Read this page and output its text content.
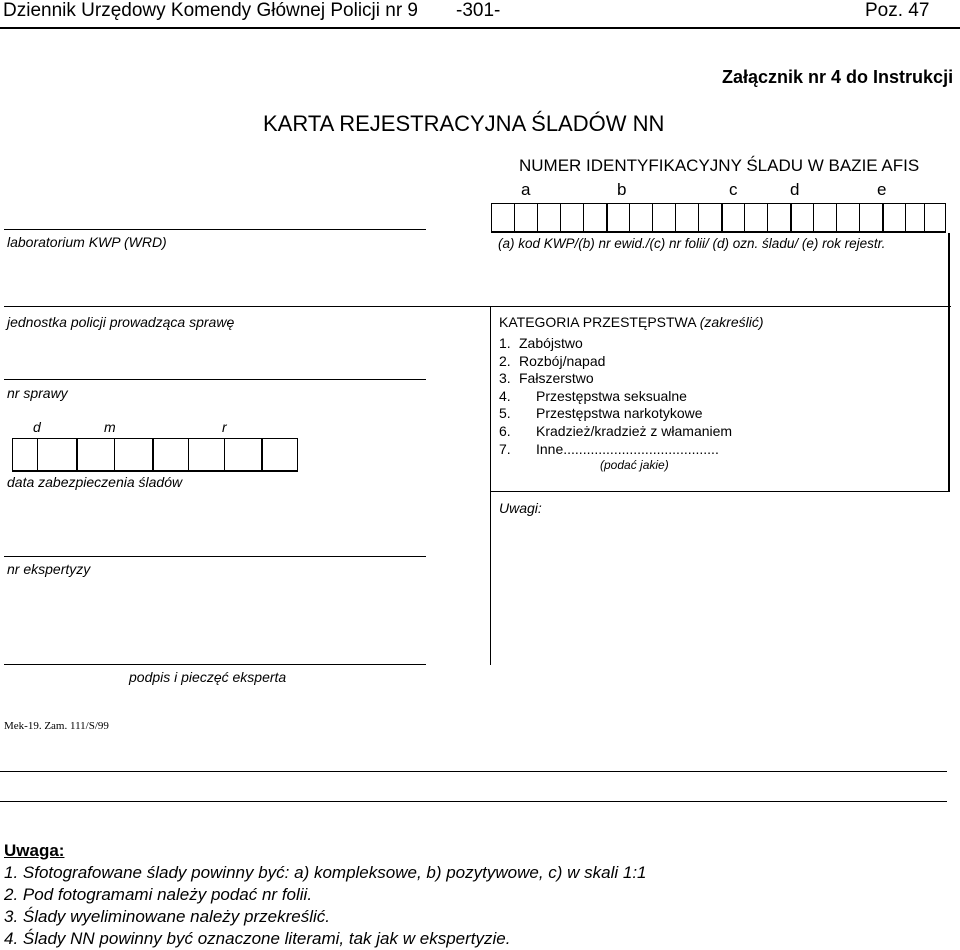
Dziennik Urzędowy Komendy Głównej Policji nr 9 -301-	Poz. 47
Załącznik nr 4 do Instrukcji
KARTA REJESTRACYJNA ŚLADÓW NN
NUMER IDENTYFIKACYJNY ŚLADU W BAZIE AFIS
a	b	c	d	e
(a) kod KWP/(b) nr ewid./(c) nr folii/ (d) ozn. śladu/ (e) rok rejestr.
laboratorium KWP (WRD)
jednostka policji prowadząca sprawę
nr sprawy
d	m	r
data zabezpieczenia śladów
KATEGORIA PRZESTĘPSTWA (zakreślić)
1. Zabójstwo
2. Rozbój/napad
3. Fałszerstwo
4. Przestępstwa seksualne
5. Przestępstwa narkotykowe
6. Kradzież/kradzież z włamaniem
7. Inne........................................
(podać jakie)
Uwagi:
nr ekspertyzy
podpis i pieczęć eksperta
Mek-19. Zam. 111/S/99
Uwaga:
1. Sfotografowane ślady powinny być: a) kompleksowe, b) pozytywowe, c) w skali 1:1
2. Pod fotogramami należy podać nr folii.
3. Ślady wyeliminowane należy przekreślić.
4. Ślady NN powinny być oznaczone literami, tak jak w ekspertyzie.
